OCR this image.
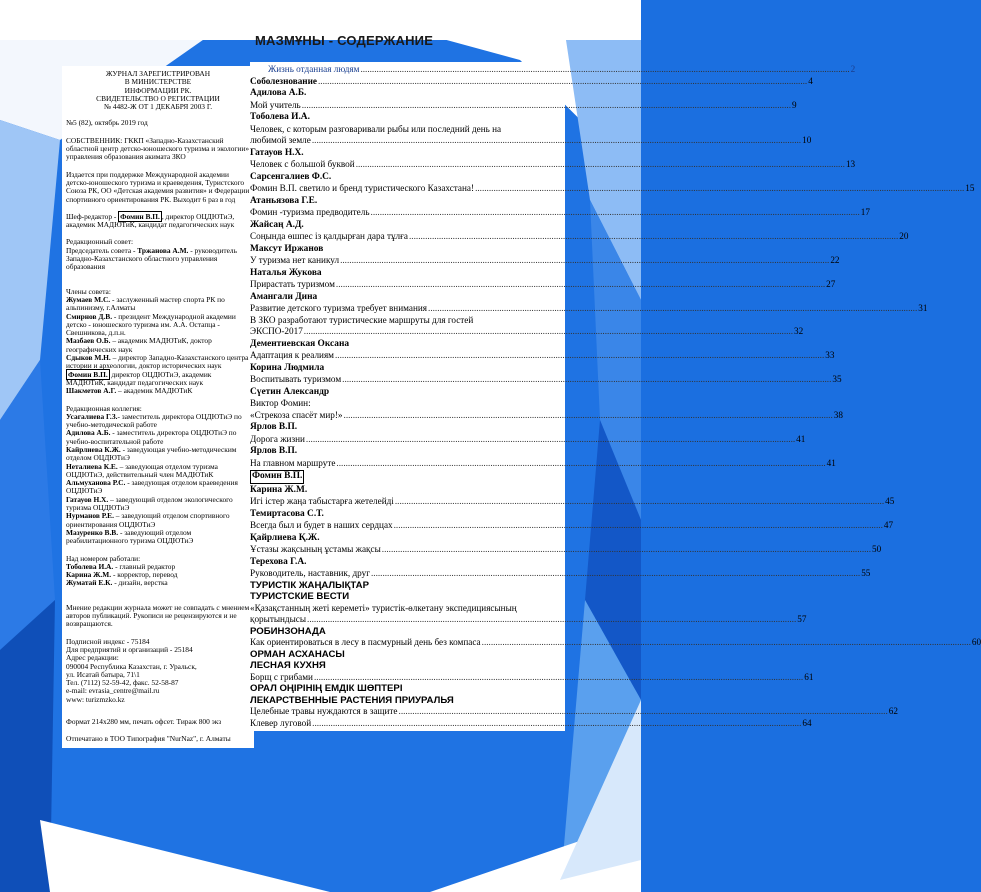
МАЗМҰНЫ - СОДЕРЖАНИЕ

ЖУРНАЛ ЗАРЕГИСТРИРОВАН
В МИНИСТЕРСТВЕ
ИНФОРМАЦИИ РК.
СВИДЕТЕЛЬСТВО О РЕГИСТРАЦИИ
№ 4482-Ж ОТ 1 ДЕКАБРЯ 2003 Г.

№5 (82), октябрь 2019 год

СОБСТВЕННИК: ГККП «Западно-Казахстанский областной центр детско-юношеского туризма и экологии» управления образования акимата ЗКО

Издается при поддержке Международной академии детско-юношеского туризма и краеведения, Туристского Союза РК, ОО «Детская академия развития» и Федерации спортивного ориентирования РК. Выходит 6 раз в год

Шеф-редактор - Фомин В.П. , директор ОЦДЮТиЭ, академик МАДЮТиК, кандидат педагогических наук

Редакционный совет:

Председатель совета - Тржанова А.М. - руководитель Западно-Казахстанского областного управления образования

Члены совета:

Жумаев М.С. - заслуженный мастер спорта РК по альпинизму, г.Алматы

Смирнов Д.В. - президент Международной академии детско - юношеского туризма им. А.А. Остапца - Свешникова, д.п.н.

Мазбаев О.Б. – академик МАДЮТиК, доктор географических наук

Сдыков М.Н. – директор Западно-Казахстанского центра истории и археологии, доктор исторических наук

Фомин В.П. директор ОЦДЮТиЭ, академик МАДЮТиК, кандидат педагогических наук

Шакметов А.Г. – академик МАДЮТиК

Редакционная коллегия:

Усагалиева Г.З.- заместитель директора ОЦДЮТиЭ по учебно-методической работе

Адилова А.Б. - заместитель директора ОЦДЮТиЭ по учебно-воспитательной работе

Кайрлиева К.Ж. - заведующая учебно-методическим отделом ОЦДЮТиЭ

Неталиева К.Е. – заведующая отделом туризма ОЦДЮТиЭ, действительный член МАДЮТиК

Альмуханова Р.С. - заведующая отделом краеведения ОЦДЮТиЭ

Гатауов Н.Х. – заведующий отделом экологического туризма ОЦДЮТиЭ

Нурманов Р.Е. – заведующий отделом спортивного ориентирования ОЦДЮТиЭ

Мазуренко В.В. - заведующий отделом реабилитационного туризма ОЦДЮТиЭ

Над номером работали:

Тоболева И.А. - главный редактор

Карина Ж.М. - корректор, перевод

Жуматай Е.К. - дизайн, верстка

Мнение редакции журнала может не совпадать с мнением авторов публикаций. Рукописи не рецензируются и не возвращаются.

Подписной индекс - 75184

Для предприятий и организаций - 25184

Адрес редакции:

090004 Республика Казахстан, г. Уральск,

ул. Исатай батыра, 71\1

Тел. (7112) 52-59-42, факс. 52-58-87

e-mail: evrasia_centre@mail.ru

www: turizmzko.kz

Формат 214х280 мм, печать офсет. Тираж 800 экз

Отпечатано в ТОО Типография "NurNaz", г. Алматы

Жизнь отданная людям .....	2
Соболезнование .....	4
Адилова А.Б.
Мой учитель .....	9
Тоболева И.А.
Человек, с которым разговаривали рыбы или последний день на
любимой земле .....	10
Гатауов Н.Х.
Человек с большой буквой .....	13
Сарсенгалиев Ф.С.
Фомин В.П. светило и бренд туристического Казахстана! .....	15
Атаньязова Г.Е.
Фомин -туризма предводитель .....	17
Жайсаң А.Д.
Соңында өшпес із қалдырған дара тұлға .....	20
Максут Иржанов
У туризма нет каникул .....	22
Наталья Жукова
Прирастать туризмом .....	27
Амангали Дина
Развитие детского туризма требует внимания .....	31
В ЗКО разработают туристические маршруты для гостей
ЭКСПО-2017 .....	32
Дементиевская Оксана
Адаптация к реалиям .....	33
Корина Людмила
Воспитывать туризмом .....	35
Сүетин Александр
Виктор Фомин:
«Стрекоза спасёт мир!» .....	38
Ярлов В.П.
Дорога жизни .....	41
Ярлов В.П.
На главном маршруте .....	41
Фомин В.П.
Карина Ж.М.
Игі істер жаңа табыстарға жетелейді .....	45
Темиртасова С.Т.
Всегда был и будет в наших сердцах .....	47
Қайрлиева Қ.Ж.
Ұстазы жақсының ұстамы жақсы .....	50
Терехова Г.А.
Руководитель, наставник, друг .....	55
ТУРИСТІК ЖАҢАЛЫҚТАР
ТУРИСТСКИЕ ВЕСТИ
«Қазақстанның жеті кереметі» туристік-өлкетану экспедициясының
қорытындысы .....	57
РОБИНЗОНАДА
Как ориентироваться в лесу в пасмурный день без компаса .....	60
ОРМАН АСХАНАСЫ
ЛЕСНАЯ КУХНЯ
Борщ с грибами .....	61
ОРАЛ ОҢІРІНІҢ ЕМДІК ШӨПТЕРІ
ЛЕКАРСТВЕННЫЕ РАСТЕНИЯ ПРИУРАЛЬЯ
Целебные травы нуждаются в защите .....	62
Клевер луговой .....	64
